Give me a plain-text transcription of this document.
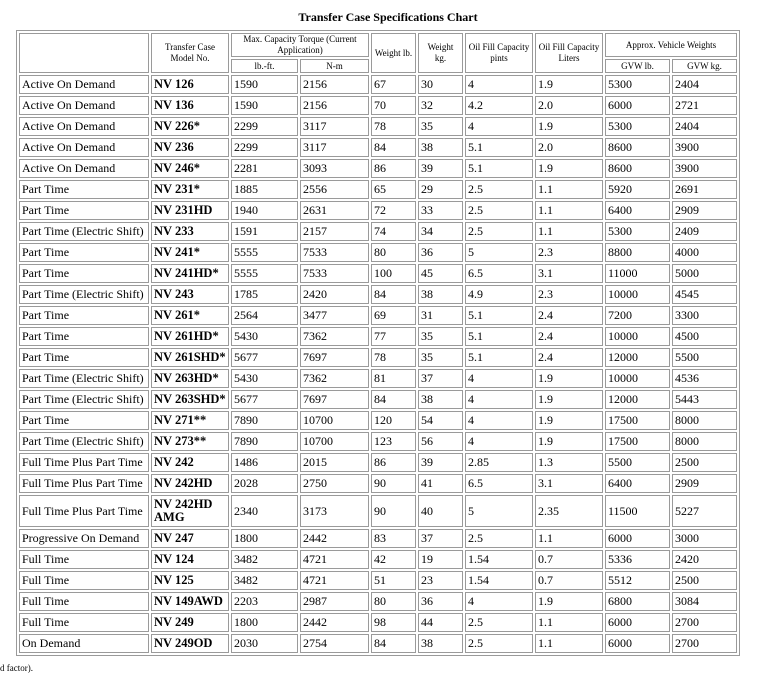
Transfer Case Specifications Chart
	Transfer Case Model No.	Max. Capacity Torque (Current Application)		Weight lb.	Weight kg.	Oil Fill Capacity pints	Oil Fill Capacity Liters	Approx. Vehicle Weights	
		lb.-ft.	N-m					GVW lb.	GVW kg.
Active On Demand	NV 126	1590	2156	67	30	4	1.9	5300	2404
Active On Demand	NV 136	1590	2156	70	32	4.2	2.0	6000	2721
Active On Demand	NV 226*	2299	3117	78	35	4	1.9	5300	2404
Active On Demand	NV 236	2299	3117	84	38	5.1	2.0	8600	3900
Active On Demand	NV 246*	2281	3093	86	39	5.1	1.9	8600	3900
Part Time	NV 231*	1885	2556	65	29	2.5	1.1	5920	2691
Part Time	NV 231HD	1940	2631	72	33	2.5	1.1	6400	2909
Part Time (Electric Shift)	NV 233	1591	2157	74	34	2.5	1.1	5300	2409
Part Time	NV 241*	5555	7533	80	36	5	2.3	8800	4000
Part Time	NV 241HD*	5555	7533	100	45	6.5	3.1	11000	5000
Part Time (Electric Shift)	NV 243	1785	2420	84	38	4.9	2.3	10000	4545
Part Time	NV 261*	2564	3477	69	31	5.1	2.4	7200	3300
Part Time	NV 261HD*	5430	7362	77	35	5.1	2.4	10000	4500
Part Time	NV 261SHD*	5677	7697	78	35	5.1	2.4	12000	5500
Part Time (Electric Shift)	NV 263HD*	5430	7362	81	37	4	1.9	10000	4536
Part Time (Electric Shift)	NV 263SHD*	5677	7697	84	38	4	1.9	12000	5443
Part Time	NV 271**	7890	10700	120	54	4	1.9	17500	8000
Part Time (Electric Shift)	NV 273**	7890	10700	123	56	4	1.9	17500	8000
Full Time Plus Part Time	NV 242	1486	2015	86	39	2.85	1.3	5500	2500
Full Time Plus Part Time	NV 242HD	2028	2750	90	41	6.5	3.1	6400	2909
Full Time Plus Part Time	NV 242HD AMG	2340	3173	90	40	5	2.35	11500	5227
Progressive On Demand	NV 247	1800	2442	83	37	2.5	1.1	6000	3000
Full Time	NV 124	3482	4721	42	19	1.54	0.7	5336	2420
Full Time	NV 125	3482	4721	51	23	1.54	0.7	5512	2500
Full Time	NV 149AWD	2203	2987	80	36	4	1.9	6800	3084
Full Time	NV 249	1800	2442	98	44	2.5	1.1	6000	2700
On Demand	NV 249OD	2030	2754	84	38	2.5	1.1	6000	2700
d factor).
